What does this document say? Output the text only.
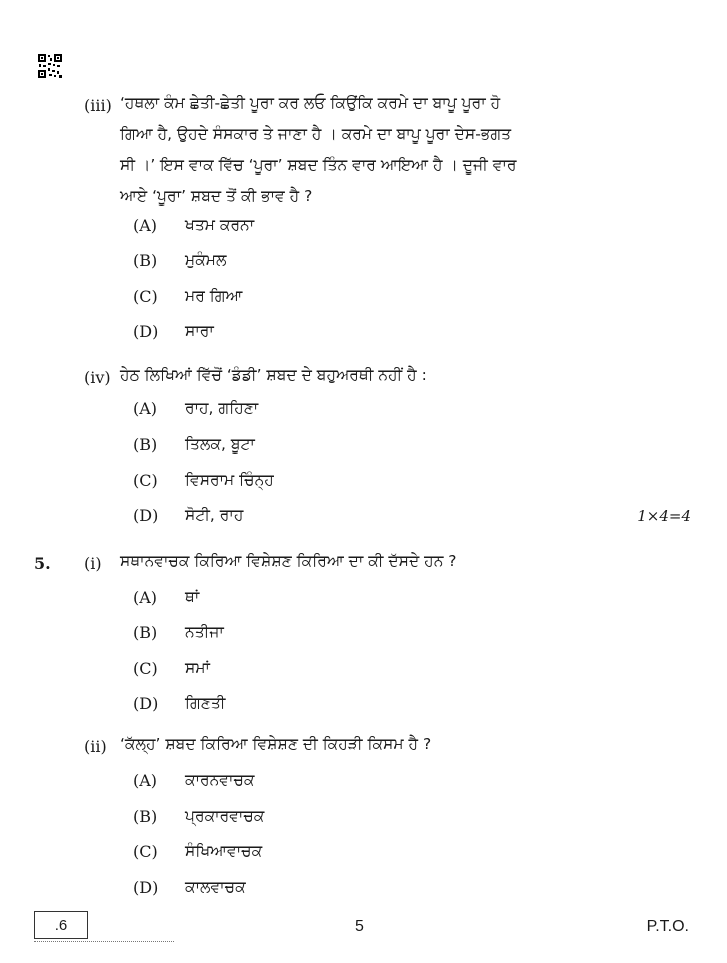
(iii) ‘ਹਥਲਾ ਕੰਮ ਛੇਤੀ-ਛੇਤੀ ਪੂਰਾ ਕਰ ਲਓ ਕਿਉਂਕਿ ਕਰਮੇ ਦਾ ਬਾਪੂ ਪੂਰਾ ਹੋ
ਗਿਆ ਹੈ, ਉਹਦੇ ਸੰਸਕਾਰ ਤੇ ਜਾਣਾ ਹੈ । ਕਰਮੇ ਦਾ ਬਾਪੂ ਪੂਰਾ ਦੇਸ-ਭਗਤ
ਸੀ ।’ ਇਸ ਵਾਕ ਵਿੱਚ ‘ਪੂਰਾ’ ਸ਼ਬਦ ਤਿੰਨ ਵਾਰ ਆਇਆ ਹੈ । ਦੂਜੀ ਵਾਰ
ਆਏ ‘ਪੂਰਾ’ ਸ਼ਬਦ ਤੋਂ ਕੀ ਭਾਵ ਹੈ ?
(A)	ਖਤਮ ਕਰਨਾ
(B)	ਮੁਕੰਮਲ
(C)	ਮਰ ਗਿਆ
(D)	ਸਾਰਾ
(iv) ਹੇਠ ਲਿਖਿਆਂ ਵਿੱਚੋਂ ‘ਡੰਡੀ’ ਸ਼ਬਦ ਦੇ ਬਹੁਅਰਥੀ ਨਹੀਂ ਹੈ :
(A)	ਰਾਹ, ਗਹਿਣਾ
(B)	ਤਿਲਕ, ਬੂਟਾ
(C)	ਵਿਸਰਾਮ ਚਿੰਨ੍ਹ
(D)	ਸੋਟੀ, ਰਾਹ	1×4=4
5. (i) ਸਥਾਨਵਾਚਕ ਕਿਰਿਆ ਵਿਸ਼ੇਸ਼ਣ ਕਿਰਿਆ ਦਾ ਕੀ ਦੱਸਦੇ ਹਨ ?
(A)	ਥਾਂ
(B)	ਨਤੀਜਾ
(C)	ਸਮਾਂ
(D)	ਗਿਣਤੀ
(ii) ‘ਕੱਲ੍ਹ’ ਸ਼ਬਦ ਕਿਰਿਆ ਵਿਸ਼ੇਸ਼ਣ ਦੀ ਕਿਹੜੀ ਕਿਸਮ ਹੈ ?
(A)	ਕਾਰਨਵਾਚਕ
(B)	ਪ੍ਰਕਾਰਵਾਚਕ
(C)	ਸੰਖਿਆਵਾਚਕ
(D)	ਕਾਲਵਾਚਕ
.6	5	P.T.O.
